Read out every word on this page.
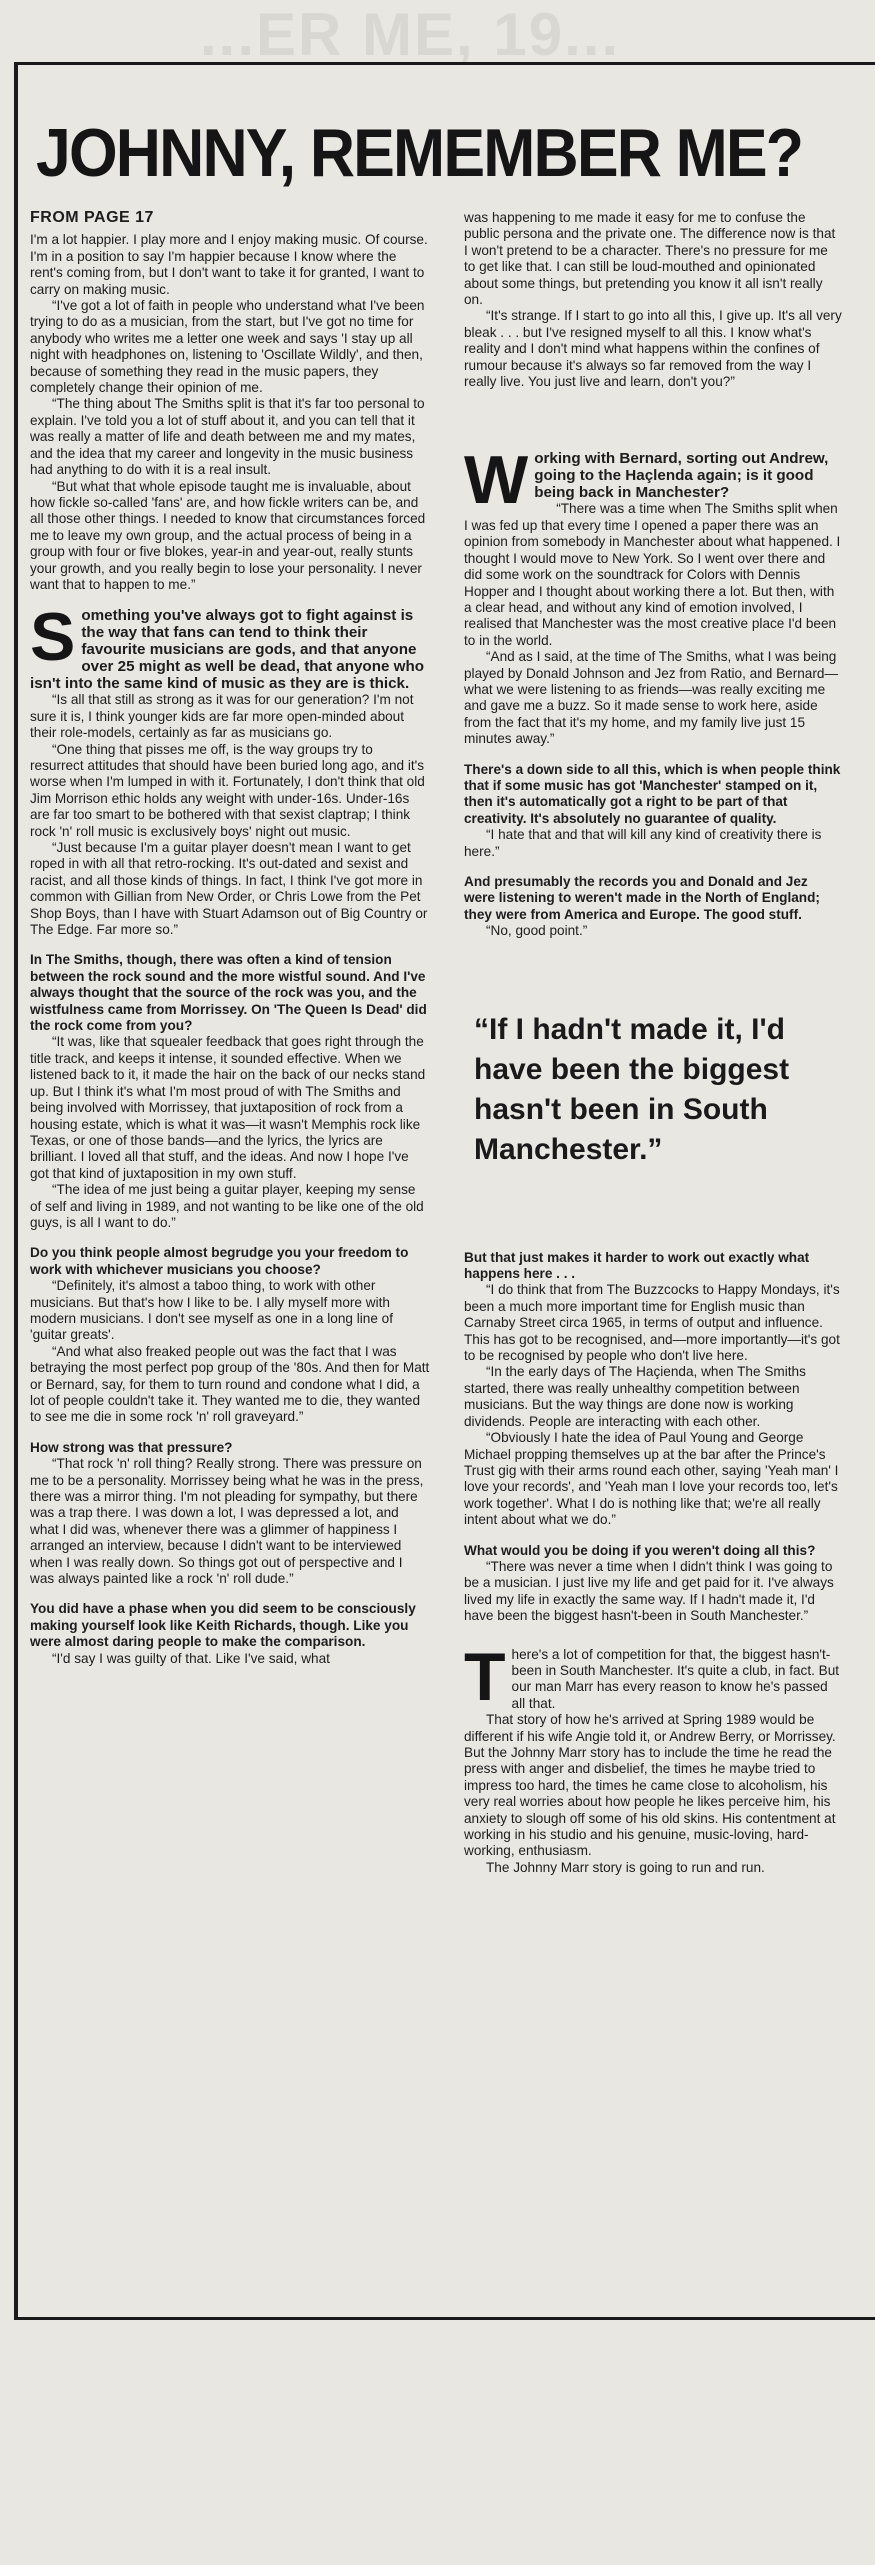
...ER ME, 19...
JOHNNY, REMEMBER ME?
FROM PAGE 17

I'm a lot happier. I play more and I enjoy making music. Of course. I'm in a position to say I'm happier because I know where the rent's coming from, but I don't want to take it for granted, I want to carry on making music.

“I've got a lot of faith in people who understand what I've been trying to do as a musician, from the start, but I've got no time for anybody who writes me a letter one week and says 'I stay up all night with headphones on, listening to 'Oscillate Wildly', and then, because of something they read in the music papers, they completely change their opinion of me.

“The thing about The Smiths split is that it's far too personal to explain. I've told you a lot of stuff about it, and you can tell that it was really a matter of life and death between me and my mates, and the idea that my career and longevity in the music business had anything to do with it is a real insult.

“But what that whole episode taught me is invaluable, about how fickle so-called 'fans' are, and how fickle writers can be, and all those other things. I needed to know that circumstances forced me to leave my own group, and the actual process of being in a group with four or five blokes, year-in and year-out, really stunts your growth, and you really begin to lose your personality. I never want that to happen to me.”

Something you've always got to fight against is the way that fans can tend to think their favourite musicians are gods, and that anyone over 25 might as well be dead, that anyone who isn't into the same kind of music as they are is thick.

“Is all that still as strong as it was for our generation? I'm not sure it is, I think younger kids are far more open-minded about their role-models, certainly as far as musicians go.

“One thing that pisses me off, is the way groups try to resurrect attitudes that should have been buried long ago, and it's worse when I'm lumped in with it. Fortunately, I don't think that old Jim Morrison ethic holds any weight with under-16s. Under-16s are far too smart to be bothered with that sexist claptrap; I think rock 'n' roll music is exclusively boys' night out music.

“Just because I'm a guitar player doesn't mean I want to get roped in with all that retro-rocking. It's out-dated and sexist and racist, and all those kinds of things. In fact, I think I've got more in common with Gillian from New Order, or Chris Lowe from the Pet Shop Boys, than I have with Stuart Adamson out of Big Country or The Edge. Far more so.”

In The Smiths, though, there was often a kind of tension between the rock sound and the more wistful sound. And I've always thought that the source of the rock was you, and the wistfulness came from Morrissey. On 'The Queen Is Dead' did the rock come from you?

“It was, like that squealer feedback that goes right through the title track, and keeps it intense, it sounded effective. When we listened back to it, it made the hair on the back of our necks stand up. But I think it's what I'm most proud of with The Smiths and being involved with Morrissey, that juxtaposition of rock from a housing estate, which is what it was—it wasn't Memphis rock like Texas, or one of those bands—and the lyrics, the lyrics are brilliant. I loved all that stuff, and the ideas. And now I hope I've got that kind of juxtaposition in my own stuff.

“The idea of me just being a guitar player, keeping my sense of self and living in 1989, and not wanting to be like one of the old guys, is all I want to do.”

Do you think people almost begrudge you your freedom to work with whichever musicians you choose?

“Definitely, it's almost a taboo thing, to work with other musicians. But that's how I like to be. I ally myself more with modern musicians. I don't see myself as one in a long line of 'guitar greats'.

“And what also freaked people out was the fact that I was betraying the most perfect pop group of the '80s. And then for Matt or Bernard, say, for them to turn round and condone what I did, a lot of people couldn't take it. They wanted me to die, they wanted to see me die in some rock 'n' roll graveyard.”

How strong was that pressure?

“That rock 'n' roll thing? Really strong. There was pressure on me to be a personality. Morrissey being what he was in the press, there was a mirror thing. I'm not pleading for sympathy, but there was a trap there. I was down a lot, I was depressed a lot, and what I did was, whenever there was a glimmer of happiness I arranged an interview, because I didn't want to be interviewed when I was really down. So things got out of perspective and I was always painted like a rock 'n' roll dude.”

You did have a phase when you did seem to be consciously making yourself look like Keith Richards, though. Like you were almost daring people to make the comparison.

“I'd say I was guilty of that. Like I've said, what

was happening to me made it easy for me to confuse the public persona and the private one. The difference now is that I won't pretend to be a character. There's no pressure for me to get like that. I can still be loud-mouthed and opinionated about some things, but pretending you know it all isn't really on.

“It's strange. If I start to go into all this, I give up. It's all very bleak . . . but I've resigned myself to all this. I know what's reality and I don't mind what happens within the confines of rumour because it's always so far removed from the way I really live. You just live and learn, don't you?”

Working with Bernard, sorting out Andrew, going to the Haçlenda again; is it good being back in Manchester?

“There was a time when The Smiths split when I was fed up that every time I opened a paper there was an opinion from somebody in Manchester about what happened. I thought I would move to New York. So I went over there and did some work on the soundtrack for Colors with Dennis Hopper and I thought about working there a lot. But then, with a clear head, and without any kind of emotion involved, I realised that Manchester was the most creative place I'd been to in the world.

“And as I said, at the time of The Smiths, what I was being played by Donald Johnson and Jez from Ratio, and Bernard—what we were listening to as friends—was really exciting me and gave me a buzz. So it made sense to work here, aside from the fact that it's my home, and my family live just 15 minutes away.”

There's a down side to all this, which is when people think that if some music has got 'Manchester' stamped on it, then it's automatically got a right to be part of that creativity. It's absolutely no guarantee of quality.

“I hate that and that will kill any kind of creativity there is here.”

And presumably the records you and Donald and Jez were listening to weren't made in the North of England; they were from America and Europe. The good stuff.

“No, good point.”

“If I hadn't made it, I'd have been the biggest hasn't been in South Manchester.”

But that just makes it harder to work out exactly what happens here . . .

“I do think that from The Buzzcocks to Happy Mondays, it's been a much more important time for English music than Carnaby Street circa 1965, in terms of output and influence. This has got to be recognised, and—more importantly—it's got to be recognised by people who don't live here.

“In the early days of The Haçienda, when The Smiths started, there was really unhealthy competition between musicians. But the way things are done now is working dividends. People are interacting with each other.

“Obviously I hate the idea of Paul Young and George Michael propping themselves up at the bar after the Prince's Trust gig with their arms round each other, saying 'Yeah man' I love your records', and 'Yeah man I love your records too, let's work together'. What I do is nothing like that; we're all really intent about what we do.”

What would you be doing if you weren't doing all this?

“There was never a time when I didn't think I was going to be a musician. I just live my life and get paid for it. I've always lived my life in exactly the same way. If I hadn't made it, I'd have been the biggest hasn't-been in South Manchester.”

There's a lot of competition for that, the biggest hasn't-been in South Manchester. It's quite a club, in fact. But our man Marr has every reason to know he's passed all that.

That story of how he's arrived at Spring 1989 would be different if his wife Angie told it, or Andrew Berry, or Morrissey. But the Johnny Marr story has to include the time he read the press with anger and disbelief, the times he maybe tried to impress too hard, the times he came close to alcoholism, his very real worries about how people he likes perceive him, his anxiety to slough off some of his old skins. His contentment at working in his studio and his genuine, music-loving, hard-working, enthusiasm.

The Johnny Marr story is going to run and run.
